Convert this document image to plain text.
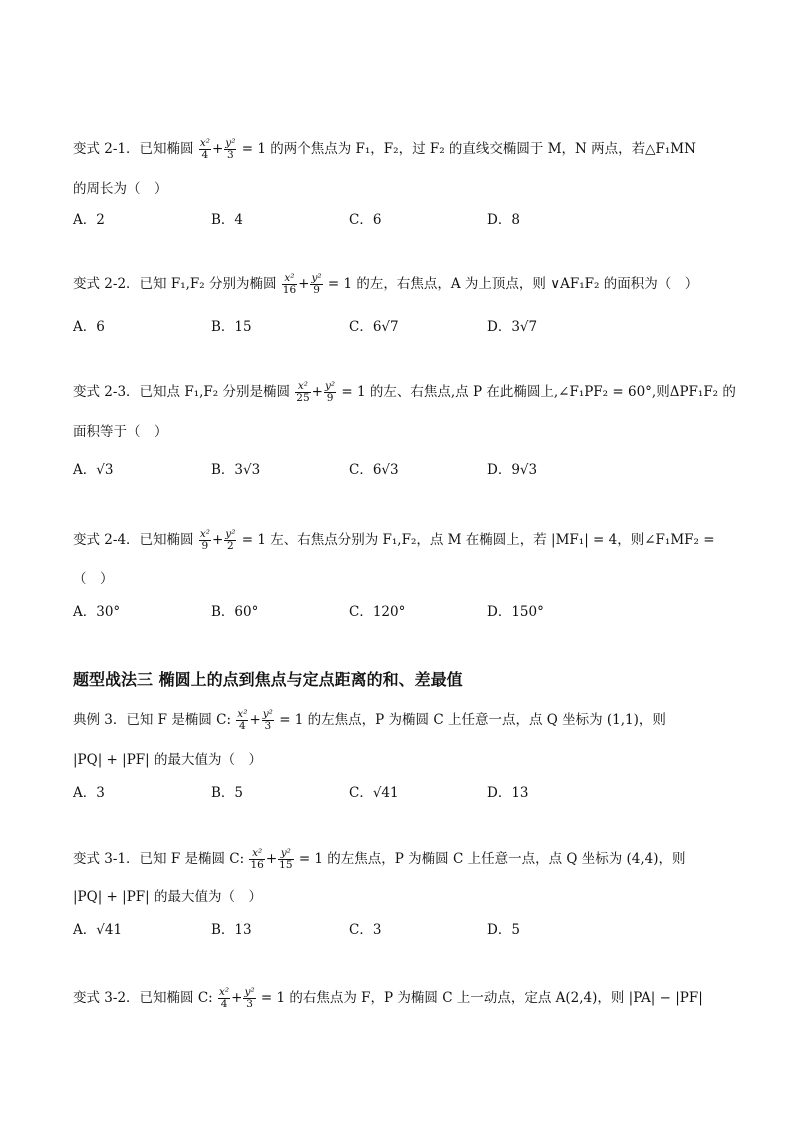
变式 2-1．已知椭圆 $\frac{\text{x²}}{4} + \frac{\text{y²}}{3} = 1$ 的两个焦点为 F₁，F₂，过 F₂ 的直线交椭圆于 M，N 两点，若△F₁MN
的周长为（　）
A．2	B．4	C．6	D．8
变式 2-2．已知 F₁,F₂ 分别为椭圆 $\frac{\text{x²}}{16} + \frac{\text{y²}}{9} = 1$ 的左，右焦点，A 为上顶点，则 ∨AF₁F₂ 的面积为（　）
A．6	B．15	C．6√7	D．3√7
变式 2-3．已知点 F₁,F₂ 分别是椭圆 $\frac{\text{x²}}{25} + \frac{\text{y²}}{9} = 1$ 的左、右焦点,点 P 在此椭圆上,∠F₁PF₂ = 60°,则ΔPF₁F₂ 的
面积等于（　）
A．√3	B．3√3	C．6√3	D．9√3
变式 2-4．已知椭圆 $\frac{\text{x²}}{9} + \frac{\text{y²}}{2} = 1$ 左、右焦点分别为 F₁,F₂，点 M 在椭圆上，若 |MF₁| = 4，则∠F₁MF₂ =
（　）
A．30°	B．60°	C．120°	D．150°
题型战法三 椭圆上的点到焦点与定点距离的和、差最值
典例 3．已知 F 是椭圆 C: $\frac{\text{x²}}{4} + \frac{\text{y²}}{3} = 1$ 的左焦点，P 为椭圆 C 上任意一点，点 Q 坐标为 (1,1)，则
|PQ| + |PF| 的最大值为（　）
A．3	B．5	C．√41	D．13
变式 3-1．已知 F 是椭圆 C: $\frac{\text{x²}}{16} + \frac{\text{y²}}{15} = 1$ 的左焦点，P 为椭圆 C 上任意一点，点 Q 坐标为 (4,4)，则
|PQ| + |PF| 的最大值为（　）
A．√41	B．13	C．3	D．5
变式 3-2．已知椭圆 C: $\frac{\text{x²}}{4} + \frac{\text{y²}}{3} = 1$ 的右焦点为 F，P 为椭圆 C 上一动点，定点 A(2,4)，则 |PA| − |PF|
